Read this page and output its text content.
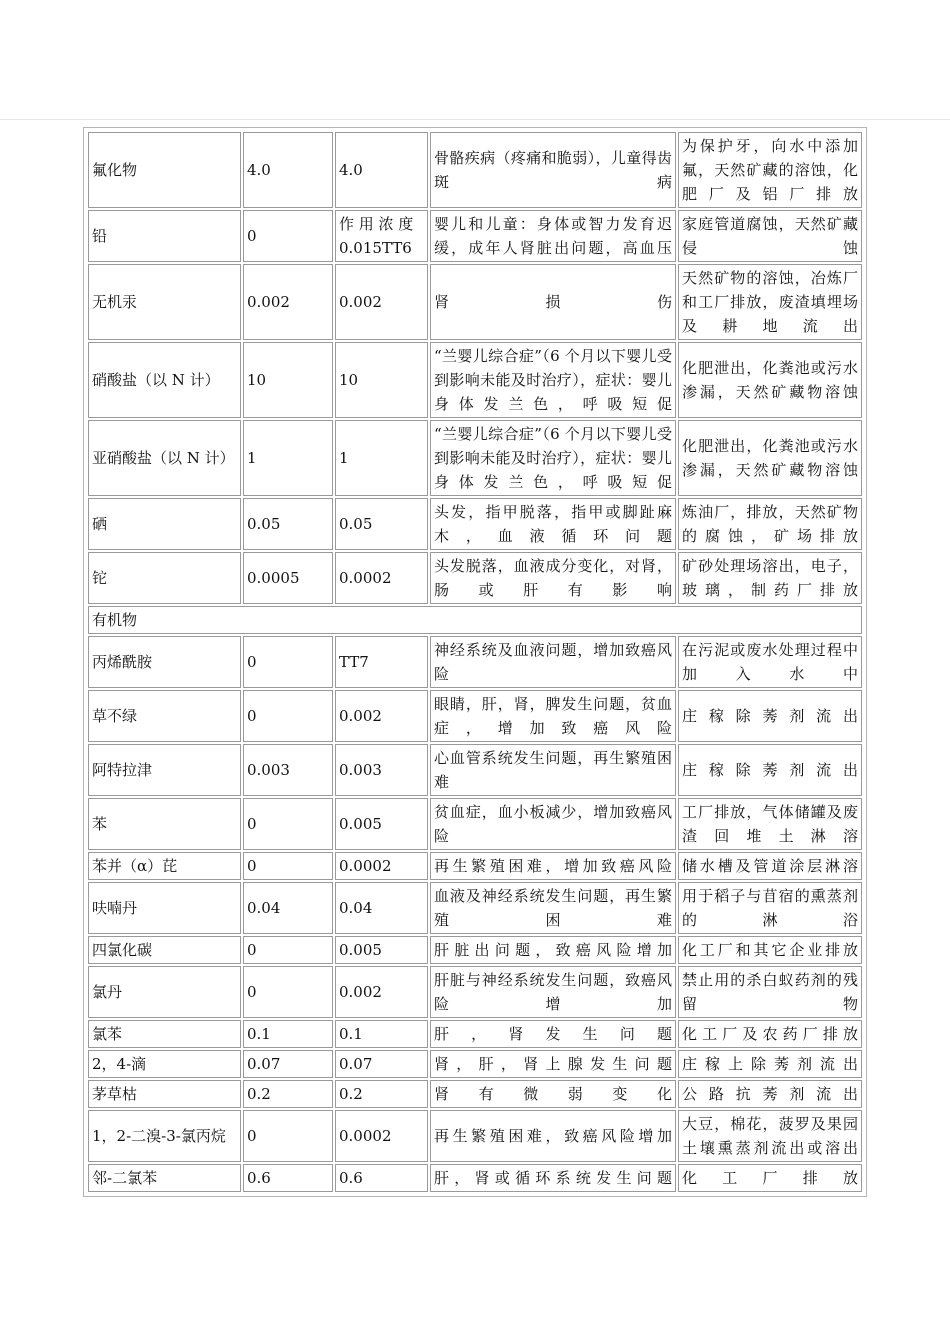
氟化物	4.0	4.0	骨骼疾病（疼痛和脆弱），儿童得齿斑病	为保护牙，向水中添加氟，天然矿藏的溶蚀，化肥厂及铝厂排放
铅	0	作 用 浓 度 0.015TT6	婴儿和儿童：身体或智力发育迟缓，成年人肾脏出问题，高血压	家庭管道腐蚀，天然矿藏侵蚀
无机汞	0.002	0.002	肾损伤	天然矿物的溶蚀，冶炼厂和工厂排放，废渣填埋场及耕地流出
硝酸盐（以 N 计）	10	10	“兰婴儿综合症”（6 个月以下婴儿受到影响未能及时治疗），症状：婴儿身体发兰色，呼吸短促	化肥泄出，化粪池或污水渗漏，天然矿藏物溶蚀
亚硝酸盐（以 N 计）	1	1	“兰婴儿综合症”（6 个月以下婴儿受到影响未能及时治疗），症状：婴儿身体发兰色，呼吸短促	化肥泄出，化粪池或污水渗漏，天然矿藏物溶蚀
硒	0.05	0.05	头发，指甲脱落，指甲或脚趾麻木，血液循环问题	炼油厂，排放，天然矿物的腐蚀，矿场排放
铊	0.0005	0.0002	头发脱落，血液成分变化，对肾，肠或肝有影响	矿砂处理场溶出，电子，玻璃，制药厂排放
有机物				
丙烯酰胺	0	TT7	神经系统及血液问题，增加致癌风险	在污泥或废水处理过程中加入水中
草不绿	0	0.002	眼睛，肝，肾，脾发生问题，贫血症，增加致癌风险	庄稼除莠剂流出
阿特拉津	0.003	0.003	心血管系统发生问题，再生繁殖困难	庄稼除莠剂流出
苯	0	0.005	贫血症，血小板减少，增加致癌风险	工厂排放，气体储罐及废渣回堆土淋溶
苯并（α）芘	0	0.0002	再生繁殖困难，增加致癌风险	储水槽及管道涂层淋溶
呋喃丹	0.04	0.04	血液及神经系统发生问题，再生繁殖困难	用于稻子与苜宿的熏蒸剂的淋浴
四氯化碳	0	0.005	肝脏出问题，致癌风险增加	化工厂和其它企业排放
氯丹	0	0.002	肝脏与神经系统发生问题，致癌风险增加	禁止用的杀白蚁药剂的残留物
氯苯	0.1	0.1	肝，肾发生问题	化工厂及农药厂排放
2，4-滴	0.07	0.07	肾，肝，肾上腺发生问题	庄稼上除莠剂流出
茅草枯	0.2	0.2	肾有微弱变化	公路抗莠剂流出
1，2-二溴-3-氯丙烷	0	0.0002	再生繁殖困难，致癌风险增加	大豆，棉花，菠罗及果园土壤熏蒸剂流出或溶出
邻-二氯苯	0.6	0.6	肝，肾或循环系统发生问题	化工厂排放
